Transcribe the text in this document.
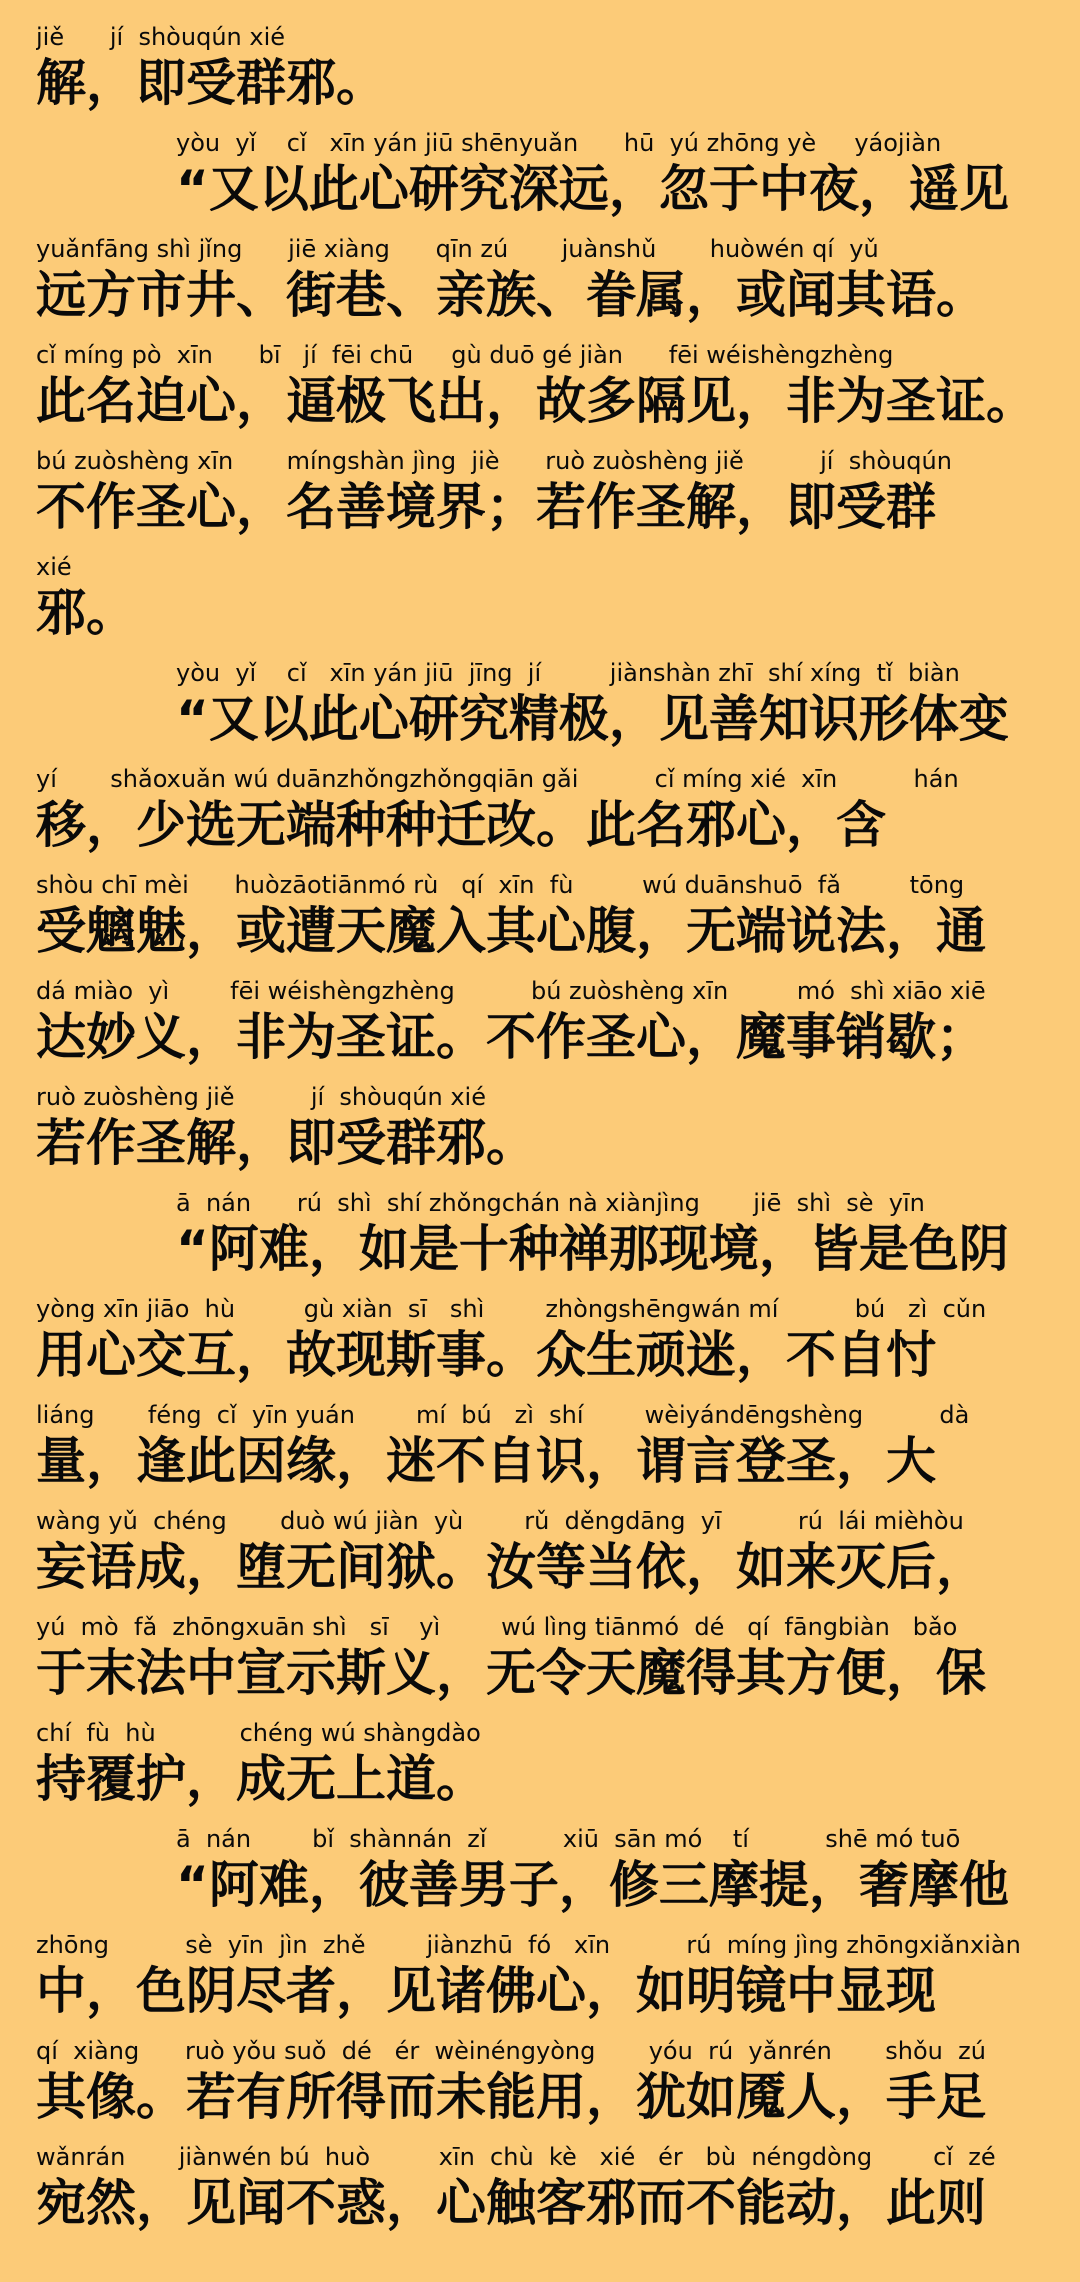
jiě      jí  shòuqún xié
解，即受群邪。
yòu  yǐ    cǐ   xīn yán jiū shēnyuǎn      hū  yú zhōng yè     yáojiàn
“又以此心研究深远，忽于中夜，遥见
yuǎnfāng shì jǐng      jiē xiàng      qīn zú       juànshǔ       huòwén qí  yǔ
远方市井、街巷、亲族、眷属，或闻其语。
cǐ míng pò  xīn      bī   jí  fēi chū     gù duō gé jiàn      fēi wéishèngzhèng
此名迫心，逼极飞出，故多隔见，非为圣证。
bú zuòshèng xīn       míngshàn jìng  jiè      ruò zuòshèng jiě          jí  shòuqún
不作圣心，名善境界；若作圣解，即受群
xié
邪。
yòu  yǐ    cǐ   xīn yán jiū  jīng  jí         jiànshàn zhī  shí xíng  tǐ  biàn
“又以此心研究精极，见善知识形体变
yí       shǎoxuǎn wú duānzhǒngzhǒngqiān gǎi          cǐ míng xié  xīn          hán
移，少选无端种种迁改。此名邪心，含
shòu chī mèi      huòzāotiānmó rù   qí  xīn  fù         wú duānshuō  fǎ         tōng
受魑魅，或遭天魔入其心腹，无端说法，通
dá miào  yì        fēi wéishèngzhèng          bú zuòshèng xīn         mó  shì xiāo xiē
达妙义，非为圣证。不作圣心，魔事销歇；
ruò zuòshèng jiě          jí  shòuqún xié
若作圣解，即受群邪。
ā  nán      rú  shì  shí zhǒngchán nà xiànjìng       jiē  shì  sè  yīn
“阿难，如是十种禅那现境，皆是色阴
yòng xīn jiāo  hù         gù xiàn  sī   shì        zhòngshēngwán mí          bú   zì  cǔn
用心交互，故现斯事。众生顽迷，不自忖
liáng       féng  cǐ  yīn yuán        mí  bú   zì  shí        wèiyándēngshèng          dà
量，逢此因缘，迷不自识，谓言登圣，大
wàng yǔ  chéng       duò wú jiàn  yù        rǔ  děngdāng  yī          rú  lái mièhòu
妄语成，堕无间狱。汝等当依，如来灭后，
yú  mò  fǎ  zhōngxuān shì   sī    yì        wú lìng tiānmó  dé   qí  fāngbiàn   bǎo
于末法中宣示斯义，无令天魔得其方便，保
chí  fù  hù           chéng wú shàngdào
持覆护，成无上道。
ā  nán        bǐ  shànnán  zǐ          xiū  sān mó    tí          shē mó tuō
“阿难，彼善男子，修三摩提，奢摩他
zhōng          sè  yīn  jìn  zhě        jiànzhū  fó   xīn          rú  míng jìng zhōngxiǎnxiàn
中，色阴尽者，见诸佛心，如明镜中显现
qí  xiàng      ruò yǒu suǒ  dé   ér  wèinéngyòng       yóu  rú  yǎnrén       shǒu  zú
其像。若有所得而未能用，犹如魇人，手足
wǎnrán       jiànwén bú  huò         xīn  chù  kè   xié   ér   bù  néngdòng        cǐ  zé
宛然，见闻不惑，心触客邪而不能动，此则
